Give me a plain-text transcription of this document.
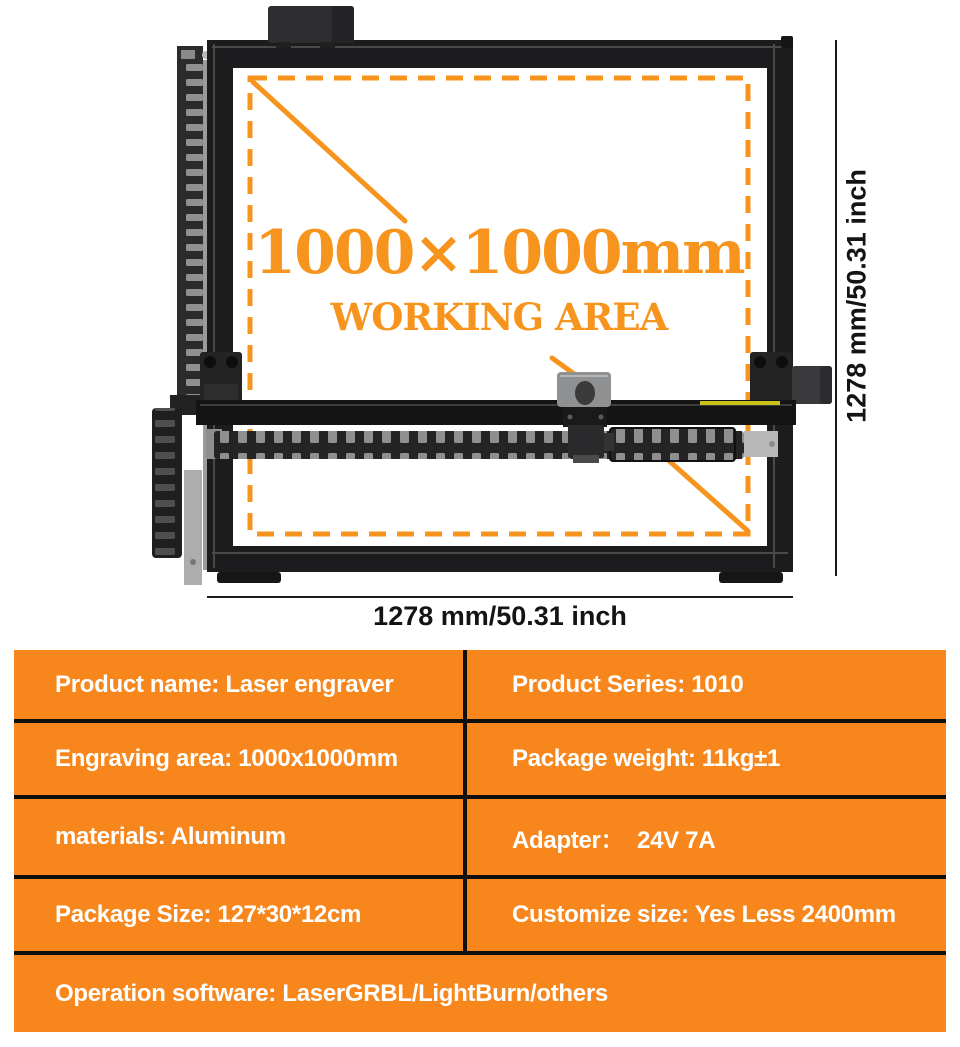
1000×1000mm
WORKING AREA	1278 mm/50.31 inch
1278 mm/50.31 inch
Product name: Laser engraver	Product Series: 1010
Engraving area: 1000x1000mm	Package weight: 11kg±1
materials: Aluminum	Adapter：  24V 7A
Package Size: 127*30*12cm	Customize size: Yes Less 2400mm
Operation software: LaserGRBL/LightBurn/others
